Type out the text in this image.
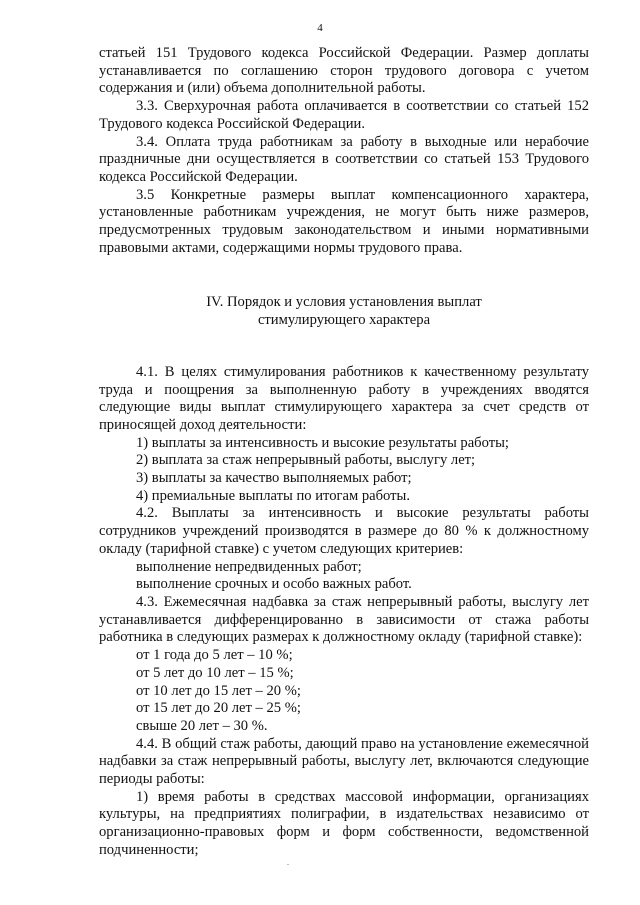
4

статьей 151 Трудового кодекса Российской Федерации. Размер доплаты устанавливается по соглашению сторон трудового договора с учетом содержания и (или) объема дополнительной работы.

3.3. Сверхурочная работа оплачивается в соответствии со статьей 152 Трудового кодекса Российской Федерации.

3.4. Оплата труда работникам за работу в выходные или нерабочие праздничные дни осуществляется в соответствии со статьей 153 Трудового кодекса Российской Федерации.

3.5 Конкретные размеры выплат компенсационного характера, установленные работникам учреждения, не могут быть ниже размеров, предусмотренных трудовым законодательством и иными нормативными правовыми актами, содержащими нормы трудового права.

IV. Порядок и условия установления выплат

стимулирующего характера

4.1. В целях стимулирования работников к качественному результату труда и поощрения за выполненную работу в учреждениях вводятся следующие виды выплат стимулирующего характера за счет средств от приносящей доход деятельности:

1) выплаты за интенсивность и высокие результаты работы;

2) выплата за стаж непрерывный работы, выслугу лет;

3) выплаты за качество выполняемых работ;

4) премиальные выплаты по итогам работы.

4.2. Выплаты за интенсивность и высокие результаты работы сотрудников учреждений производятся в размере до 80 % к должностному окладу (тарифной ставке) с учетом следующих критериев:

выполнение непредвиденных работ;

выполнение срочных и особо важных работ.

4.3. Ежемесячная надбавка за стаж непрерывный работы, выслугу лет устанавливается дифференцированно в зависимости от стажа работы работника в следующих размерах к должностному окладу (тарифной ставке):

от 1 года до 5 лет – 10 %;

от 5 лет до 10 лет – 15 %;

от 10 лет до 15 лет – 20 %;

от 15 лет до 20 лет – 25 %;

свыше 20 лет – 30 %.

4.4. В общий стаж работы, дающий право на установление ежемесячной надбавки за стаж непрерывный работы, выслугу лет, включаются следующие периоды работы:

1) время работы в средствах массовой информации, организациях культуры, на предприятиях полиграфии, в издательствах независимо от организационно-правовых форм и форм собственности, ведомственной подчиненности;
